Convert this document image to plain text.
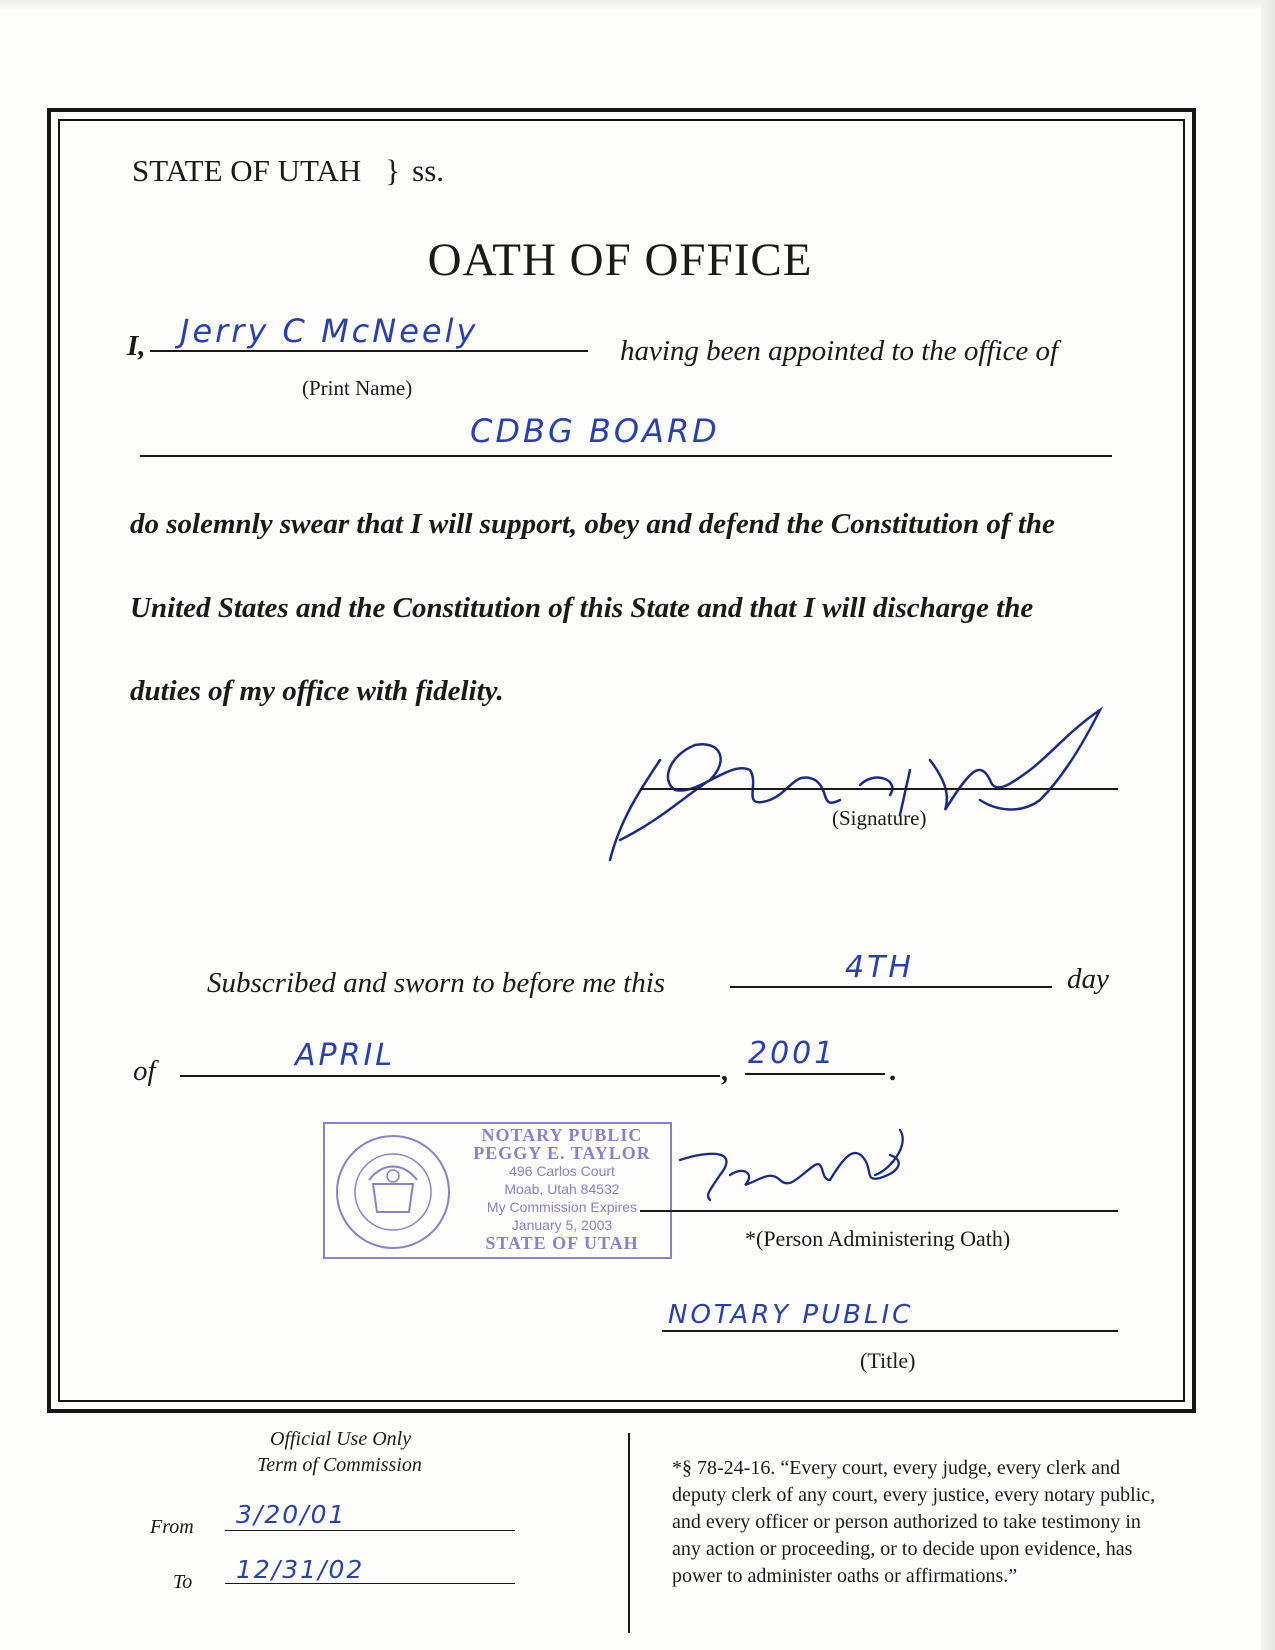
STATE OF UTAH } ss.
OATH OF OFFICE
I, Jerry C McNeely
(Print Name)
having been appointed to the office of
CDBG BOARD
do solemnly swear that I will support, obey and defend the Constitution of the
United States and the Constitution of this State and that I will discharge the
duties of my office with fidelity.
(Signature)
Subscribed and sworn to before me this	4TH	day
of	APRIL	, 2001 .
NOTARY PUBLIC
PEGGY E. TAYLOR
496 Carlos Court
Moab, Utah 84532
My Commission Expires
January 5, 2003
STATE OF UTAH	*(Person Administering Oath)
NOTARY PUBLIC
(Title)
Official Use Only
Term of Commission
From 3/20/01
To 12/31/02
*§ 78-24-16. “Every court, every judge, every clerk and
deputy clerk of any court, every justice, every notary public,
and every officer or person authorized to take testimony in
any action or proceeding, or to decide upon evidence, has
power to administer oaths or affirmations.”
